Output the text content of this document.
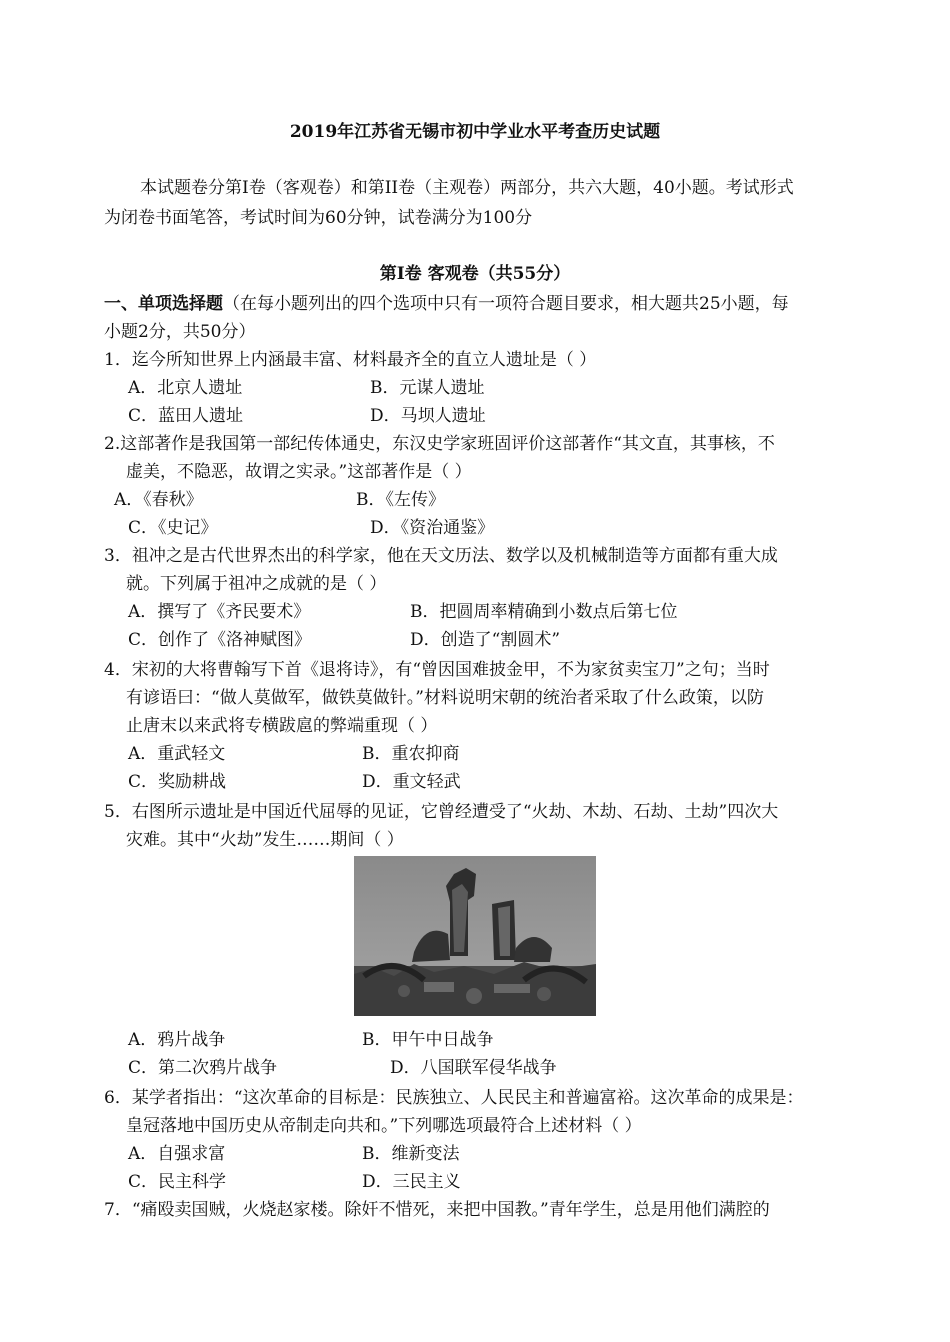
2019年江苏省无锡市初中学业水平考查历史试题
本试题卷分第I卷（客观卷）和第II卷（主观卷）两部分，共六大题，40小题。考试形式
为闭卷书面笔答，考试时间为60分钟，试卷满分为100分
第I卷 客观卷（共55分）
一、单项选择题（在每小题列出的四个选项中只有一项符合题目要求，相大题共25小题，每
小题2分，共50分）
1．迄今所知世界上内涵最丰富、材料最齐全的直立人遗址是（ ）
A．北京人遗址	B．元谋人遗址
C．蓝田人遗址	D．马坝人遗址
2.这部著作是我国第一部纪传体通史，东汉史学家班固评价这部著作“其文直，其事核，不
虚美，不隐恶，故谓之实录。”这部著作是（ ）
A．《春秋》	B．《左传》
C．《史记》	D．《资治通鉴》
3．祖冲之是古代世界杰出的科学家，他在天文历法、数学以及机械制造等方面都有重大成
就。下列属于祖冲之成就的是（ ）
A．撰写了《齐民要术》	B．把圆周率精确到小数点后第七位
C．创作了《洛神赋图》	D．创造了“割圆术”
4．宋初的大将曹翰写下首《退将诗》，有“曾因国难披金甲，不为家贫卖宝刀”之句；当时
有谚语曰：“做人莫做军，做铁莫做针。”材料说明宋朝的统治者采取了什么政策，以防
止唐末以来武将专横跋扈的弊端重现（ ）
A．重武轻文	B．重农抑商
C．奖励耕战	D．重文轻武
5．右图所示遗址是中国近代屈辱的见证，它曾经遭受了“火劫、木劫、石劫、土劫”四次大
灾难。其中“火劫”发生……期间（ ）
A．鸦片战争	B．甲午中日战争
C．第二次鸦片战争	D．八国联军侵华战争
6．某学者指出：“这次革命的目标是：民族独立、人民民主和普遍富裕。这次革命的成果是：
皇冠落地中国历史从帝制走向共和。”下列哪选项最符合上述材料（ ）
A．自强求富	B．维新变法
C．民主科学	D．三民主义
7．“痛殴卖国贼，火烧赵家楼。除奸不惜死，来把中国教。”青年学生，总是用他们满腔的
